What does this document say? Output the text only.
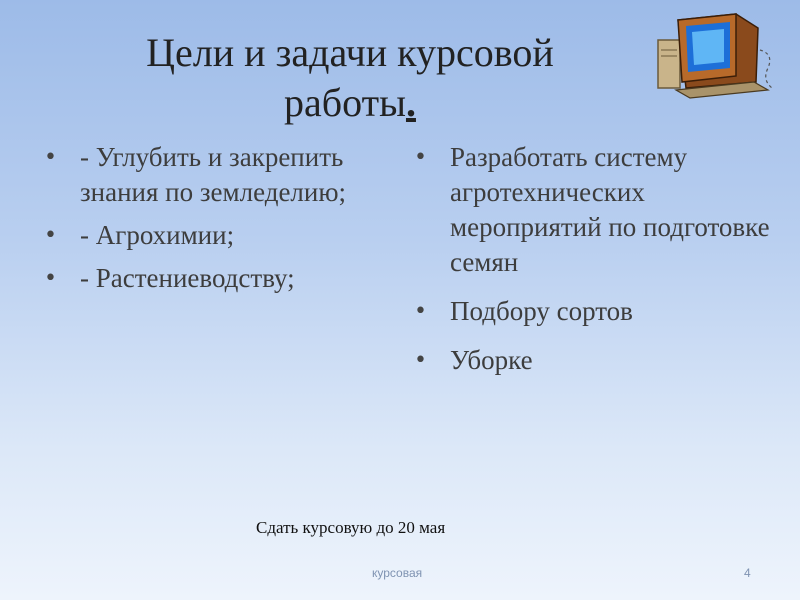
Цели и задачи курсовой работы.
• - Углубить и закрепить знания по земледелию;
• - Агрохимии;
• - Растениеводству;
• Разработать систему агротехнических мероприятий по подготовке семян
• Подбору сортов
• Уборке
Сдать курсовую до 20 мая
курсовая	4
